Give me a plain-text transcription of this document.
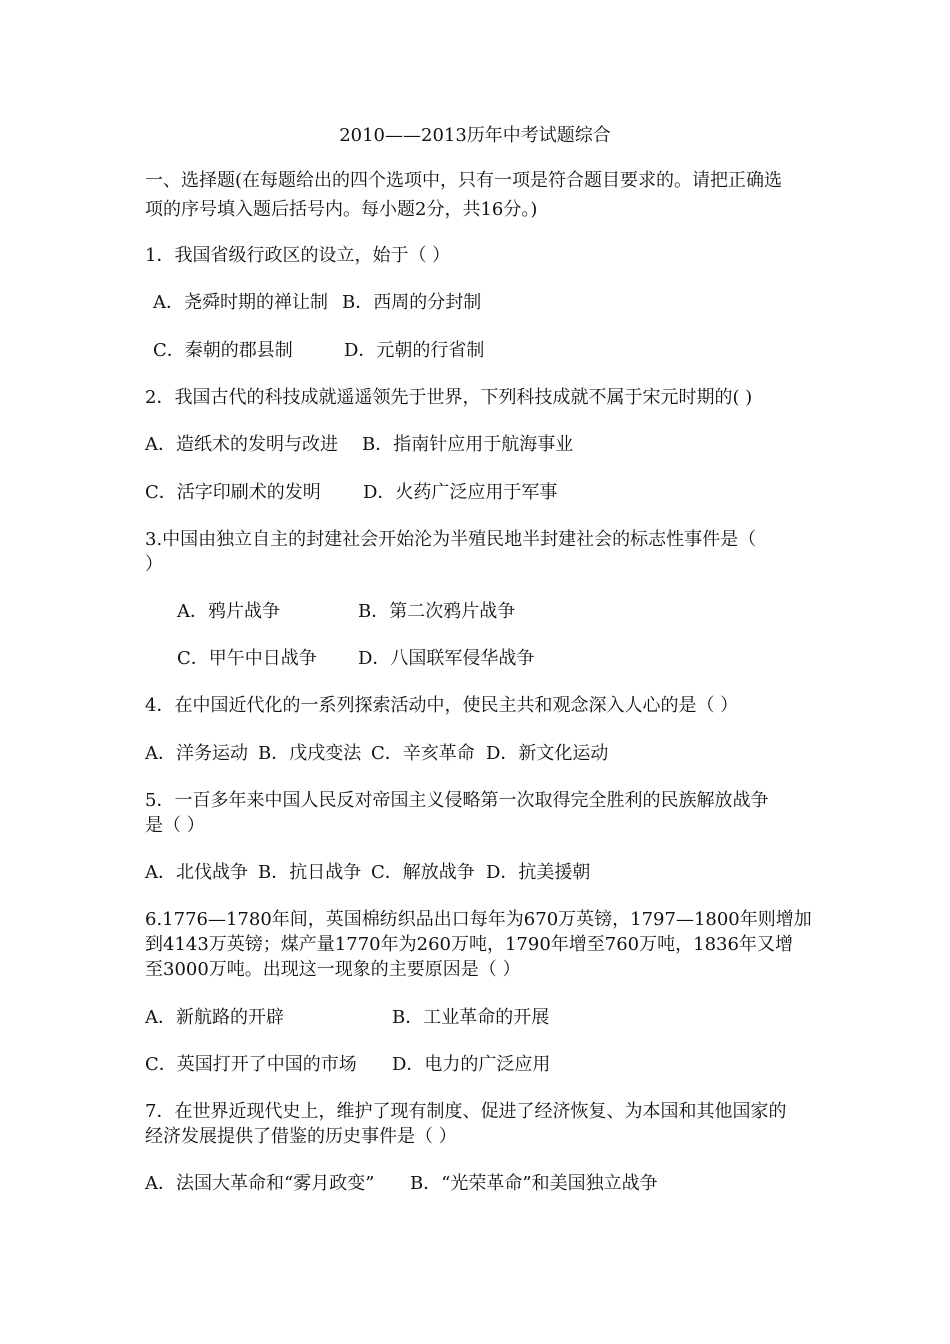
2010——2013历年中考试题综合
一、选择题(在每题给出的四个选项中，只有一项是符合题目要求的。请把正确选
项的序号填入题后括号内。每小题2分，共16分。)
1．我国省级行政区的设立，始于（ ）
A．尧舜时期的禅让制 B．西周的分封制
C．秦朝的郡县制	D．元朝的行省制
2．我国古代的科技成就遥遥领先于世界，下列科技成就不属于宋元时期的( )
A．造纸术的发明与改进 B．指南针应用于航海事业
C．活字印刷术的发明 D．火药广泛应用于军事
3.中国由独立自主的封建社会开始沦为半殖民地半封建社会的标志性事件是（
）
A．鸦片战争	B．第二次鸦片战争
C．甲午中日战争 D．八国联军侵华战争
4．在中国近代化的一系列探索活动中，使民主共和观念深入人心的是（ ）
A．洋务运动 B．戊戌变法 C．辛亥革命 D．新文化运动
5．一百多年来中国人民反对帝国主义侵略第一次取得完全胜利的民族解放战争
是（ ）
A．北伐战争 B．抗日战争 C．解放战争 D．抗美援朝
6.1776—1780年间，英国棉纺织品出口每年为670万英镑，1797—1800年则增加
到4143万英镑；煤产量1770年为260万吨，1790年增至760万吨，1836年又增
至3000万吨。出现这一现象的主要原因是（ ）
A．新航路的开辟	B．工业革命的开展
C．英国打开了中国的市场 D．电力的广泛应用
7．在世界近现代史上，维护了现有制度、促进了经济恢复、为本国和其他国家的
经济发展提供了借鉴的历史事件是（ ）
A．法国大革命和“雾月政变” B．“光荣革命”和美国独立战争
